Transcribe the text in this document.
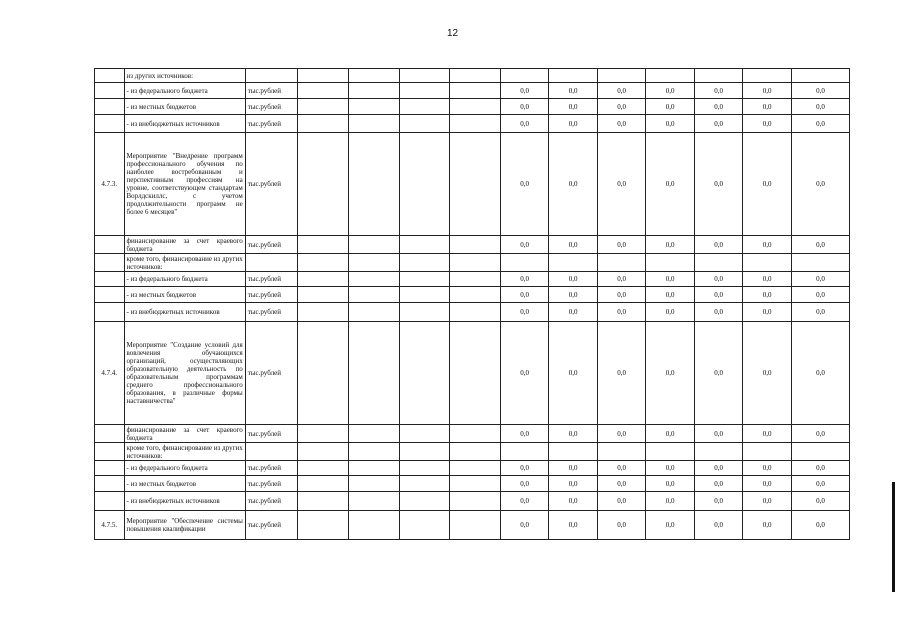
12
	из других источников:												
	- из федерального бюджета	тыс.рублей					0,0	0,0	0,0	0,0	0,0	0,0	0,0
	- из местных бюджетов	тыс.рублей					0,0	0,0	0,0	0,0	0,0	0,0	0,0
	- из внебюджетных источников	тыс.рублей					0,0	0,0	0,0	0,0	0,0	0,0	0,0
4.7.3.	Мероприятие "Внедрение программ профессионального обучения по наиболее востребованным и перспективным профессиям на уровне, соответствующем стандартам Ворлдскиллс, с учетом продолжительности программ не более 6 месяцев"	тыс.рублей					0,0	0,0	0,0	0,0	0,0	0,0	0,0
	финансирование за счет краевого бюджета	тыс.рублей					0,0	0,0	0,0	0,0	0,0	0,0	0,0
	кроме того, финансирование из других источников:												
	- из федерального бюджета	тыс.рублей					0,0	0,0	0,0	0,0	0,0	0,0	0,0
	- из местных бюджетов	тыс.рублей					0,0	0,0	0,0	0,0	0,0	0,0	0,0
	- из внебюджетных источников	тыс.рублей					0,0	0,0	0,0	0,0	0,0	0,0	0,0
4.7.4.	Мероприятие "Создание условий для вовлечения обучающихся организаций, осуществляющих образовательную деятельность по образовательным программам среднего профессионального образования, в различные формы наставничества"	тыс.рублей					0,0	0,0	0,0	0,0	0,0	0,0	0,0
	финансирование за счет краевого бюджета	тыс.рублей					0,0	0,0	0,0	0,0	0,0	0,0	0,0
	кроме того, финансирование из других источников:												
	- из федерального бюджета	тыс.рублей					0,0	0,0	0,0	0,0	0,0	0,0	0,0
	- из местных бюджетов	тыс.рублей					0,0	0,0	0,0	0,0	0,0	0,0	0,0
	- из внебюджетных источников	тыс.рублей					0,0	0,0	0,0	0,0	0,0	0,0	0,0
4.7.5.	Мероприятие "Обеспечение системы повышения квалификации	тыс.рублей					0,0	0,0	0,0	0,0	0,0	0,0	0,0
